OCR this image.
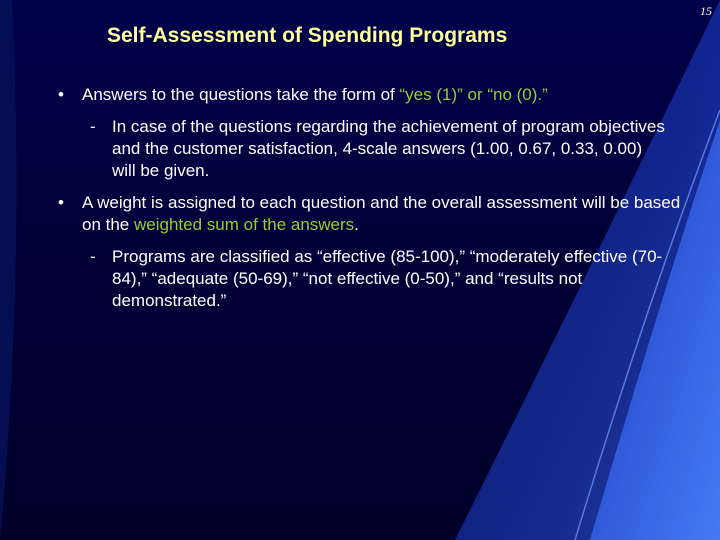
15
Self-Assessment of Spending Programs
•	Answers to the questions take the form of “yes (1)” or “no (0).”
- In case of the questions regarding the achievement of program objectives and the customer satisfaction, 4-scale answers (1.00, 0.67, 0.33, 0.00) will be given.
•	A weight is assigned to each question and the overall assessment will be based on the weighted sum of the answers.
- Programs are classified as “effective (85-100),” “moderately effective (70-84),” “adequate (50-69),” “not effective (0-50),” and “results not demonstrated.”
